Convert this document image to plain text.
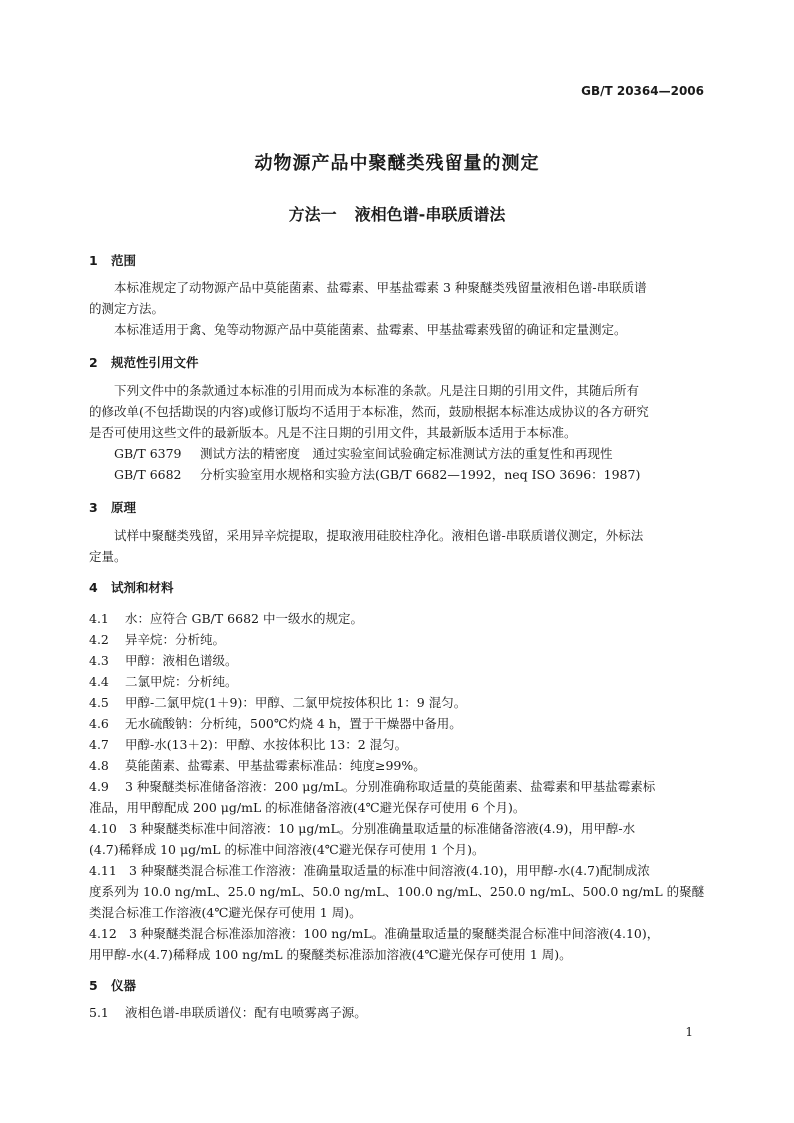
GB/T 20364—2006
动物源产品中聚醚类残留量的测定
方法一 液相色谱-串联质谱法
1 范围
本标准规定了动物源产品中莫能菌素、盐霉素、甲基盐霉素 3 种聚醚类残留量液相色谱-串联质谱
的测定方法。
本标准适用于禽、兔等动物源产品中莫能菌素、盐霉素、甲基盐霉素残留的确证和定量测定。
2 规范性引用文件
下列文件中的条款通过本标准的引用而成为本标准的条款。凡是注日期的引用文件，其随后所有
的修改单(不包括勘误的内容)或修订版均不适用于本标准，然而，鼓励根据本标准达成协议的各方研究
是否可使用这些文件的最新版本。凡是不注日期的引用文件，其最新版本适用于本标准。
GB/T 6379 测试方法的精密度　通过实验室间试验确定标准测试方法的重复性和再现性
GB/T 6682 分析实验室用水规格和实验方法(GB/T 6682—1992，neq ISO 3696：1987)
3 原理
试样中聚醚类残留，采用异辛烷提取，提取液用硅胶柱净化。液相色谱-串联质谱仪测定，外标法
定量。
4 试剂和材料
4.1 水：应符合 GB/T 6682 中一级水的规定。
4.2 异辛烷：分析纯。
4.3 甲醇：液相色谱级。
4.4 二氯甲烷：分析纯。
4.5 甲醇-二氯甲烷(1＋9)：甲醇、二氯甲烷按体积比 1：9 混匀。
4.6 无水硫酸钠：分析纯，500℃灼烧 4 h，置于干燥器中备用。
4.7 甲醇-水(13＋2)：甲醇、水按体积比 13：2 混匀。
4.8 莫能菌素、盐霉素、甲基盐霉素标准品：纯度≥99%。
4.9 3 种聚醚类标准储备溶液：200 μg/mL。分别准确称取适量的莫能菌素、盐霉素和甲基盐霉素标
准品，用甲醇配成 200 μg/mL 的标准储备溶液(4℃避光保存可使用 6 个月)。
4.10 3 种聚醚类标准中间溶液：10 μg/mL。分别准确量取适量的标准储备溶液(4.9)，用甲醇-水
(4.7)稀释成 10 μg/mL 的标准中间溶液(4℃避光保存可使用 1 个月)。
4.11 3 种聚醚类混合标准工作溶液：准确量取适量的标准中间溶液(4.10)，用甲醇-水(4.7)配制成浓
度系列为 10.0 ng/mL、25.0 ng/mL、50.0 ng/mL、100.0 ng/mL、250.0 ng/mL、500.0 ng/mL 的聚醚
类混合标准工作溶液(4℃避光保存可使用 1 周)。
4.12 3 种聚醚类混合标准添加溶液：100 ng/mL。准确量取适量的聚醚类混合标准中间溶液(4.10)，
用甲醇-水(4.7)稀释成 100 ng/mL 的聚醚类标准添加溶液(4℃避光保存可使用 1 周)。
5 仪器
5.1 液相色谱-串联质谱仪：配有电喷雾离子源。
1
